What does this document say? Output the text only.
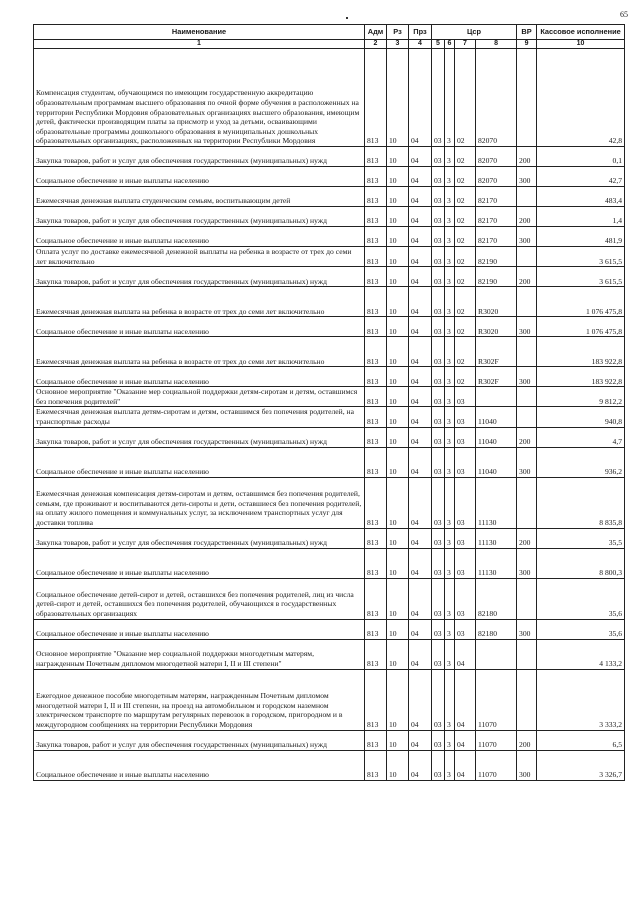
65
Наименование	Адм	Рз	Прз	Цср				ВР	Кассовое исполнение
1	2	3	4	5	6	7	8	9	10
Компенсация студентам, обучающимся по имеющим государственную аккредитацию образовательным программам высшего образования по очной форме обучения в расположенных на территории Республики Мордовия образовательных организациях высшего образования, имеющим детей, фактически производящим платы за присмотр и уход за детьми, осваивающими образовательные программы дошкольного образования в муниципальных дошкольных образовательных организациях, расположенных на территории Республики Мордовия	813	10	04	03	3	02	82070		42,8
Закупка товаров, работ и услуг для обеспечения государственных (муниципальных) нужд	813	10	04	03	3	02	82070	200	0,1
Социальное обеспечение и иные выплаты населению	813	10	04	03	3	02	82070	300	42,7
Ежемесячная денежная выплата студенческим семьям, воспитывающим детей	813	10	04	03	3	02	82170		483,4
Закупка товаров, работ и услуг для обеспечения государственных (муниципальных) нужд	813	10	04	03	3	02	82170	200	1,4
Социальное обеспечение и иные выплаты населению	813	10	04	03	3	02	82170	300	481,9
Оплата услуг по доставке ежемесячной денежной выплаты на ребенка в возрасте от трех до семи лет включительно	813	10	04	03	3	02	82190		3 615,5
Закупка товаров, работ и услуг для обеспечения государственных (муниципальных) нужд	813	10	04	03	3	02	82190	200	3 615,5
Ежемесячная денежная выплата на ребенка в возрасте от трех до семи лет включительно	813	10	04	03	3	02	R3020		1 076 475,8
Социальное обеспечение и иные выплаты населению	813	10	04	03	3	02	R3020	300	1 076 475,8
Ежемесячная денежная выплата на ребенка в возрасте от трех до семи лет включительно	813	10	04	03	3	02	R302F		183 922,8
Социальное обеспечение и иные выплаты населению	813	10	04	03	3	02	R302F	300	183 922,8
Основное мероприятие "Оказание мер социальной поддержки детям-сиротам и детям, оставшимся без попечения родителей"	813	10	04	03	3	03			9 812,2
Ежемесячная денежная выплата детям-сиротам и детям, оставшимся без попечения родителей, на транспортные расходы	813	10	04	03	3	03	11040		940,8
Закупка товаров, работ и услуг для обеспечения государственных (муниципальных) нужд	813	10	04	03	3	03	11040	200	4,7
Социальное обеспечение и иные выплаты населению	813	10	04	03	3	03	11040	300	936,2
Ежемесячная денежная компенсация детям-сиротам и детям, оставшимся без попечения родителей, семьям, где проживают и воспитываются дети-сироты и дети, оставшиеся без попечения родителей, на оплату жилого помещения и коммунальных услуг, за исключением транспортных услуг для доставки топлива	813	10	04	03	3	03	11130		8 835,8
Закупка товаров, работ и услуг для обеспечения государственных (муниципальных) нужд	813	10	04	03	3	03	11130	200	35,5
Социальное обеспечение и иные выплаты населению	813	10	04	03	3	03	11130	300	8 800,3
Социальное обеспечение детей-сирот и детей, оставшихся без попечения родителей, лиц из числа детей-сирот и детей, оставшихся без попечения родителей, обучающихся в государственных образовательных организациях	813	10	04	03	3	03	82180		35,6
Социальное обеспечение и иные выплаты населению	813	10	04	03	3	03	82180	300	35,6
Основное мероприятие "Оказание мер социальной поддержки многодетным матерям, награжденным Почетным дипломом многодетной матери I, II и III степени"	813	10	04	03	3	04			4 133,2
Ежегодное денежное пособие многодетным матерям, награжденным Почетным дипломом многодетной матери I, II и III степени, на проезд на автомобильном и городском наземном электрическом транспорте по маршрутам регулярных перевозок в городском, пригородном и в междугородном сообщениях на территории Республики Мордовия	813	10	04	03	3	04	11070		3 333,2
Закупка товаров, работ и услуг для обеспечения государственных (муниципальных) нужд	813	10	04	03	3	04	11070	200	6,5
Социальное обеспечение и иные выплаты населению	813	10	04	03	3	04	11070	300	3 326,7
